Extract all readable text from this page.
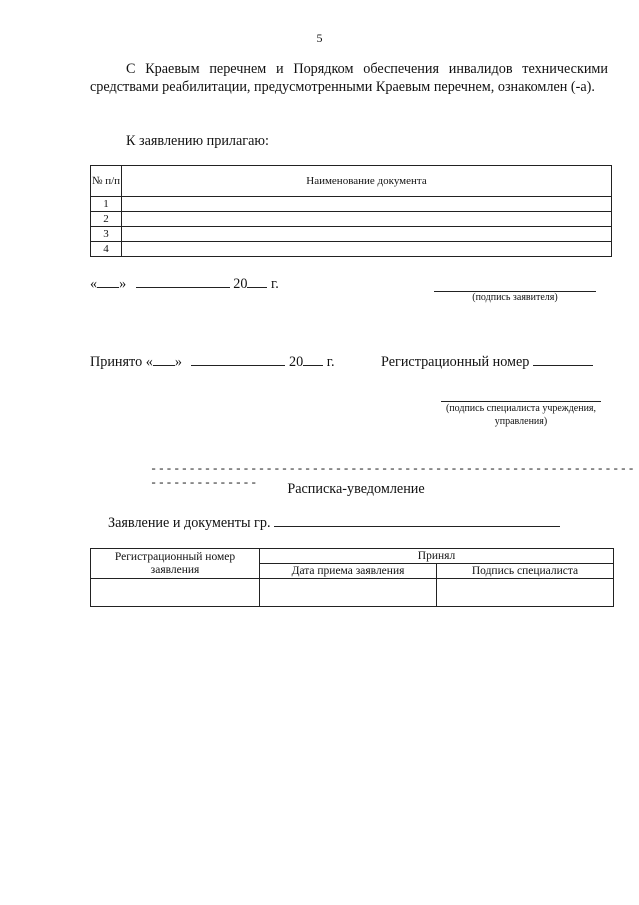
5
С Краевым перечнем и Порядком обеспечения инвалидов техническими средствами реабилитации, предусмотренными Краевым перечнем, ознакомлен (-а).
К заявлению прилагаю:
№ п/п	Наименование документа
1	
2	
3	
4	
« »	20 г.
(подпись заявителя)
Принято « »	20 г.	Регистрационный номер
(подпись специалиста учреждения, управления)
-----------------------------------------------------------------------------	Расписка-уведомление
Заявление и документы гр.
Регистрационный номер заявления	Принял	
	Дата приема заявления	Подпись специалиста
